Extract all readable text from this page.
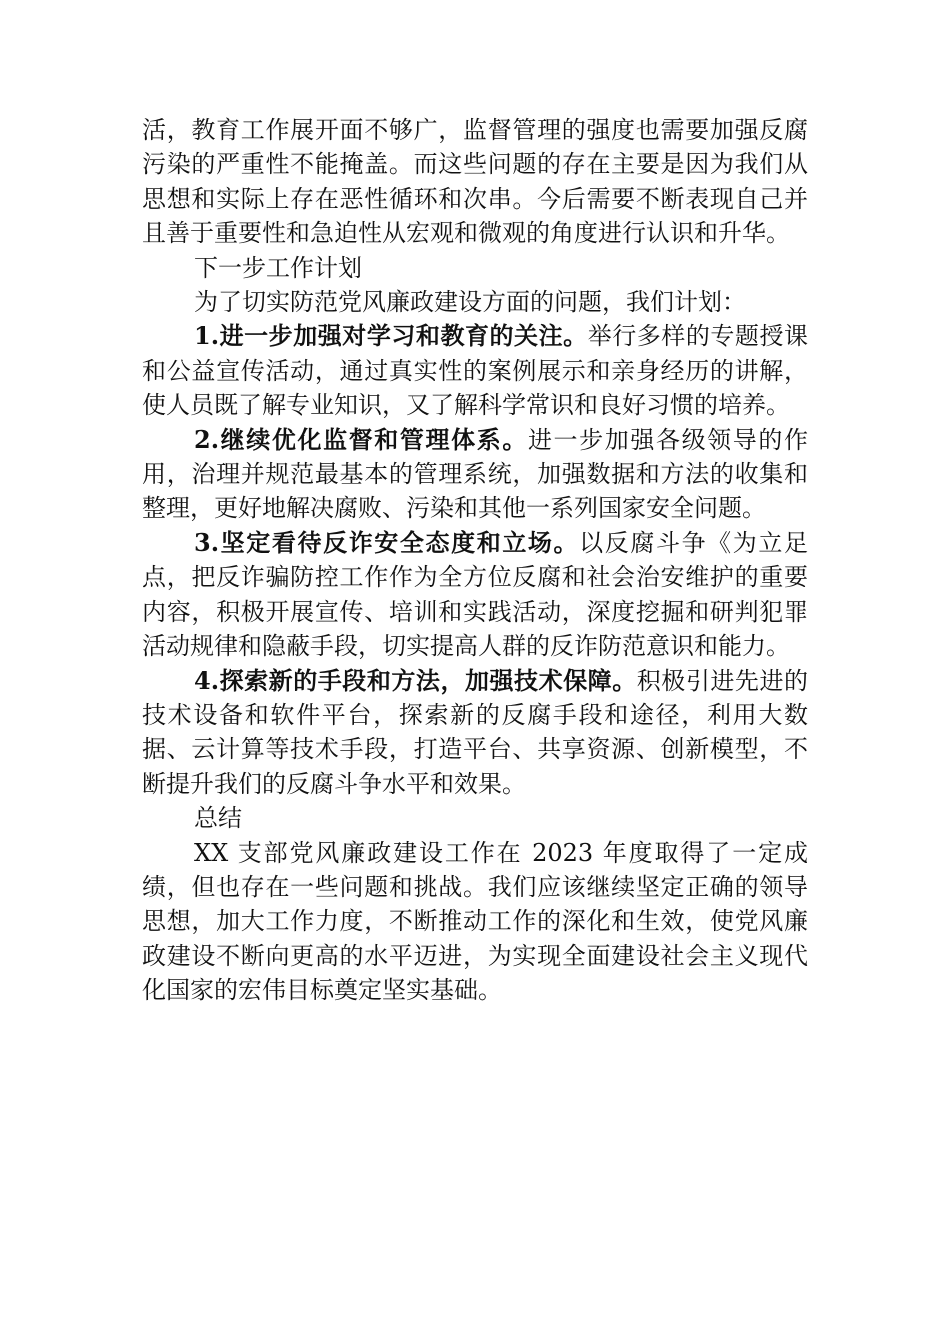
活，教育工作展开面不够广，监督管理的强度也需要加强反腐污染的严重性不能掩盖。而这些问题的存在主要是因为我们从思想和实际上存在恶性循环和次串。今后需要不断表现自己并且善于重要性和急迫性从宏观和微观的角度进行认识和升华。

下一步工作计划

为了切实防范党风廉政建设方面的问题，我们计划：

1.进一步加强对学习和教育的关注。举行多样的专题授课和公益宣传活动，通过真实性的案例展示和亲身经历的讲解，使人员既了解专业知识，又了解科学常识和良好习惯的培养。

2.继续优化监督和管理体系。进一步加强各级领导的作用，治理并规范最基本的管理系统，加强数据和方法的收集和整理，更好地解决腐败、污染和其他一系列国家安全问题。

3.坚定看待反诈安全态度和立场。以反腐斗争《为立足点，把反诈骗防控工作作为全方位反腐和社会治安维护的重要内容，积极开展宣传、培训和实践活动，深度挖掘和研判犯罪活动规律和隐蔽手段，切实提高人群的反诈防范意识和能力。

4.探索新的手段和方法，加强技术保障。积极引进先进的技术设备和软件平台，探索新的反腐手段和途径，利用大数据、云计算等技术手段，打造平台、共享资源、创新模型，不断提升我们的反腐斗争水平和效果。

总结

XX 支部党风廉政建设工作在 2023 年度取得了一定成绩，但也存在一些问题和挑战。我们应该继续坚定正确的领导思想，加大工作力度，不断推动工作的深化和生效，使党风廉政建设不断向更高的水平迈进，为实现全面建设社会主义现代化国家的宏伟目标奠定坚实基础。
